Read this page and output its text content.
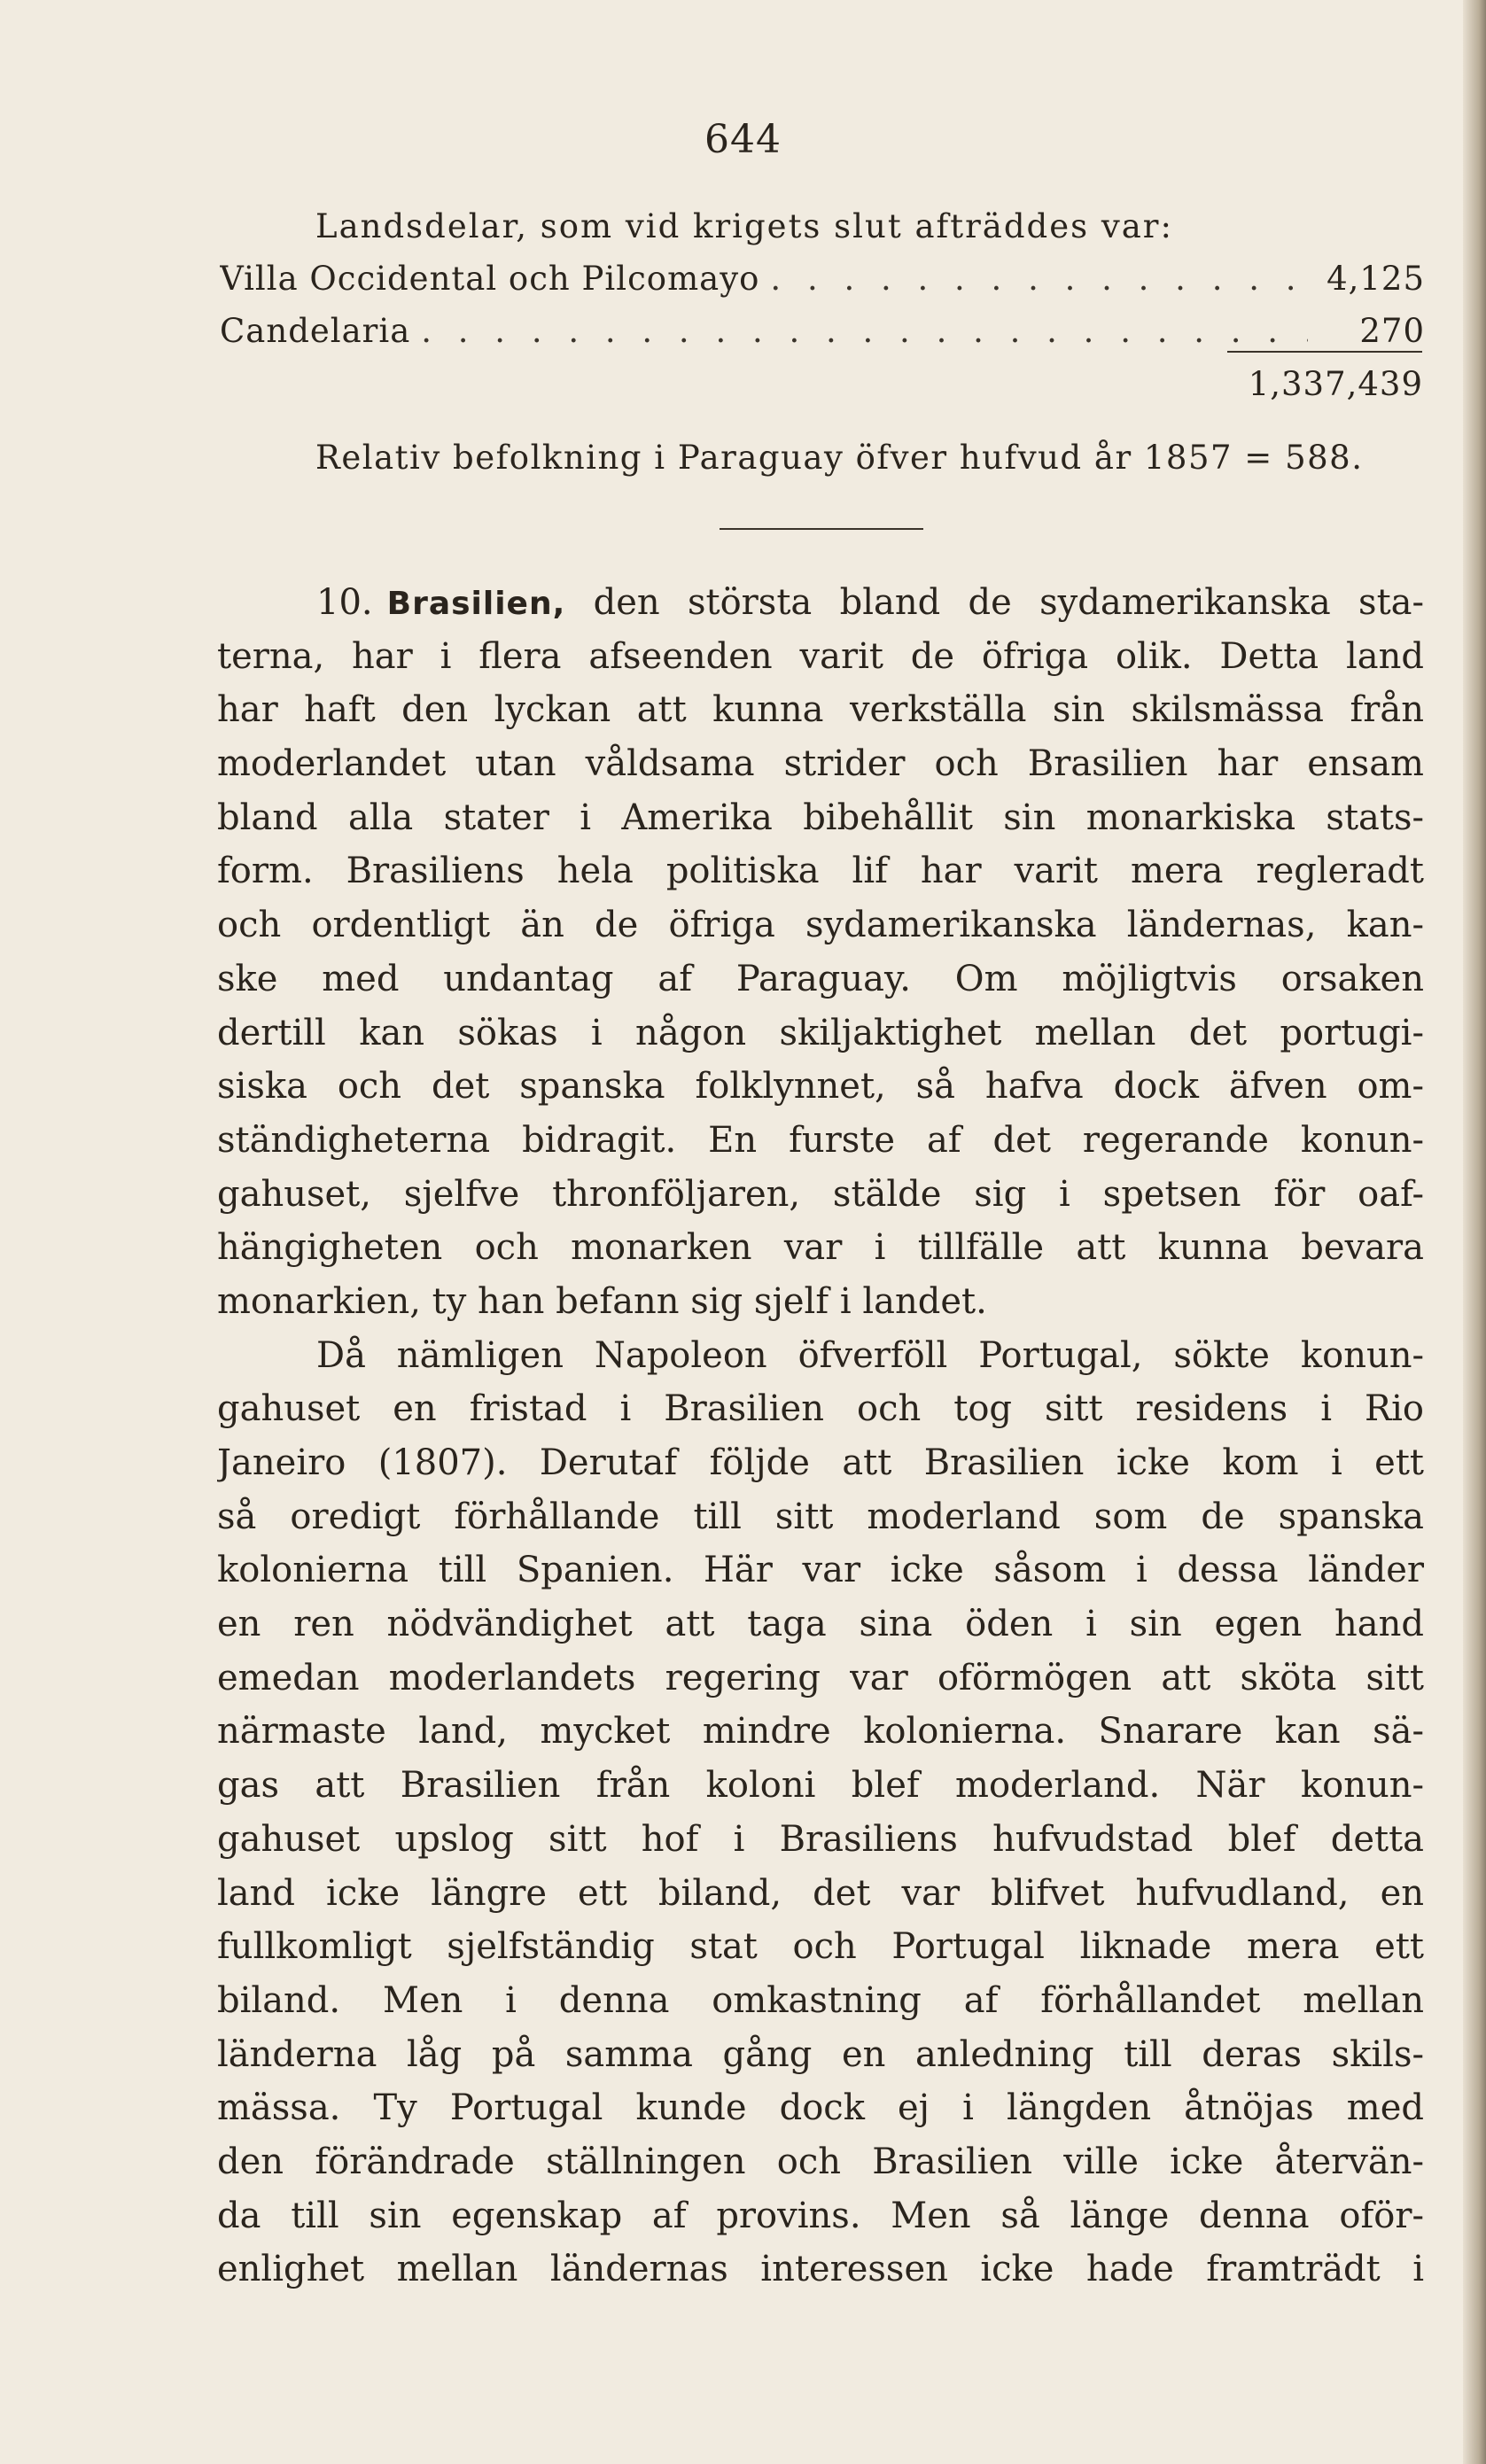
644
Landsdelar, som vid krigets slut afträddes var:
Villa Occidental och Pilcomayo . . .	4,125
Candelaria . . .	270
1,337,439
Relativ befolkning i Paraguay öfver hufvud år 1857 = 588.
10. Brasilien, den största bland de sydamerikanska sta-
terna, har i flera afseenden varit de öfriga olik. Detta land
har haft den lyckan att kunna verkställa sin skilsmässa från
moderlandet utan våldsama strider och Brasilien har ensam
bland alla stater i Amerika bibehållit sin monarkiska stats-
form. Brasiliens hela politiska lif har varit mera regleradt
och ordentligt än de öfriga sydamerikanska ländernas, kan-
ske med undantag af Paraguay. Om möjligtvis orsaken
dertill kan sökas i någon skiljaktighet mellan det portugi-
siska och det spanska folklynnet, så hafva dock äfven om-
ständigheterna bidragit. En furste af det regerande konun-
gahuset, sjelfve thronföljaren, stälde sig i spetsen för oaf-
hängigheten och monarken var i tillfälle att kunna bevara
monarkien, ty han befann sig sjelf i landet.
Då nämligen Napoleon öfverföll Portugal, sökte konun-
gahuset en fristad i Brasilien och tog sitt residens i Rio
Janeiro (1807). Derutaf följde att Brasilien icke kom i ett
så oredigt förhållande till sitt moderland som de spanska
kolonierna till Spanien. Här var icke såsom i dessa länder
en ren nödvändighet att taga sina öden i sin egen hand
emedan moderlandets regering var oförmögen att sköta sitt
närmaste land, mycket mindre kolonierna. Snarare kan sä-
gas att Brasilien från koloni blef moderland. När konun-
gahuset upslog sitt hof i Brasiliens hufvudstad blef detta
land icke längre ett biland, det var blifvet hufvudland, en
fullkomligt sjelfständig stat och Portugal liknade mera ett
biland. Men i denna omkastning af förhållandet mellan
länderna låg på samma gång en anledning till deras skils-
mässa. Ty Portugal kunde dock ej i längden åtnöjas med
den förändrade ställningen och Brasilien ville icke återvän-
da till sin egenskap af provins. Men så länge denna oför-
enlighet mellan ländernas interessen icke hade framträdt i
